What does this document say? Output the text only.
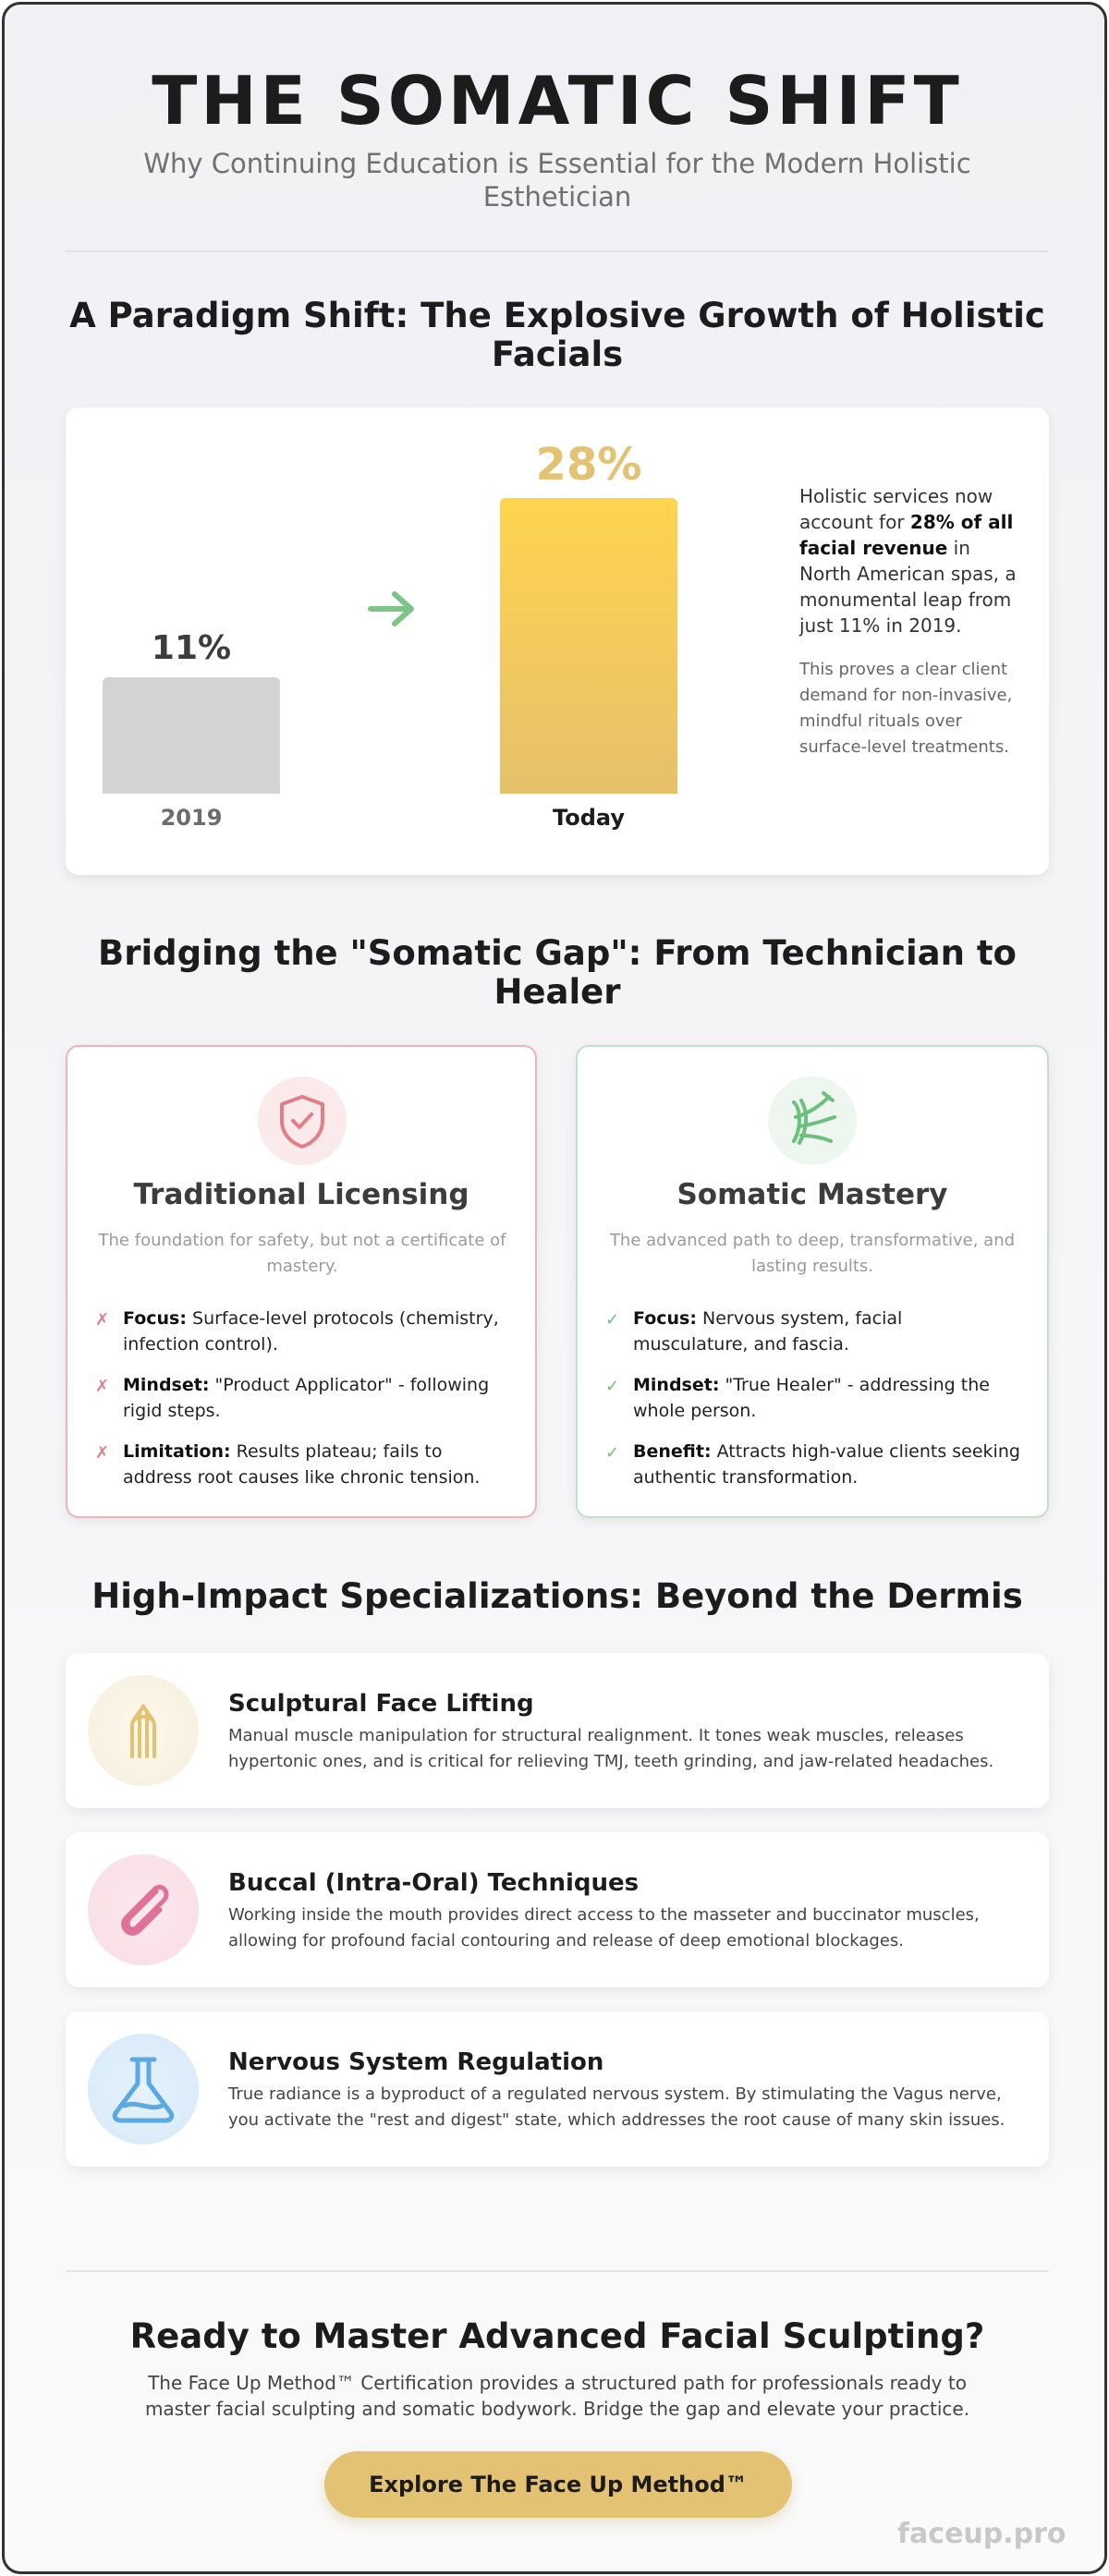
THE SOMATIC SHIFT

Why Continuing Education is Essential for the Modern Holistic Esthetician

A Paradigm Shift: The Explosive Growth of Holistic Facials
11%
2019
28%
Today

Holistic services now account for 28% of all facial revenue in North American spas, a monumental leap from just 11% in 2019.

This proves a clear client demand for non-invasive, mindful rituals over surface-level treatments.

Bridging the "Somatic Gap": From Technician to Healer
Traditional Licensing

The foundation for safety, but not a certificate of mastery.

✗ Focus: Surface-level protocols (chemistry, infection control).

✗ Mindset: "Product Applicator" - following rigid steps.

✗ Limitation: Results plateau; fails to address root causes like chronic tension.

Somatic Mastery

The advanced path to deep, transformative, and lasting results.

✓ Focus: Nervous system, facial musculature, and fascia.

✓ Mindset: "True Healer" - addressing the whole person.

✓ Benefit: Attracts high-value clients seeking authentic transformation.

High-Impact Specializations: Beyond the Dermis
Sculptural Face Lifting

Manual muscle manipulation for structural realignment. It tones weak muscles, releases hypertonic ones, and is critical for relieving TMJ, teeth grinding, and jaw-related headaches.

Buccal (Intra-Oral) Techniques

Working inside the mouth provides direct access to the masseter and buccinator muscles, allowing for profound facial contouring and release of deep emotional blockages.

Nervous System Regulation

True radiance is a byproduct of a regulated nervous system. By stimulating the Vagus nerve, you activate the "rest and digest" state, which addresses the root cause of many skin issues.

Ready to Master Advanced Facial Sculpting?

The Face Up Method™ Certification provides a structured path for professionals ready to master facial sculpting and somatic bodywork. Bridge the gap and elevate your practice.

Explore The Face Up Method™
faceup.pro
